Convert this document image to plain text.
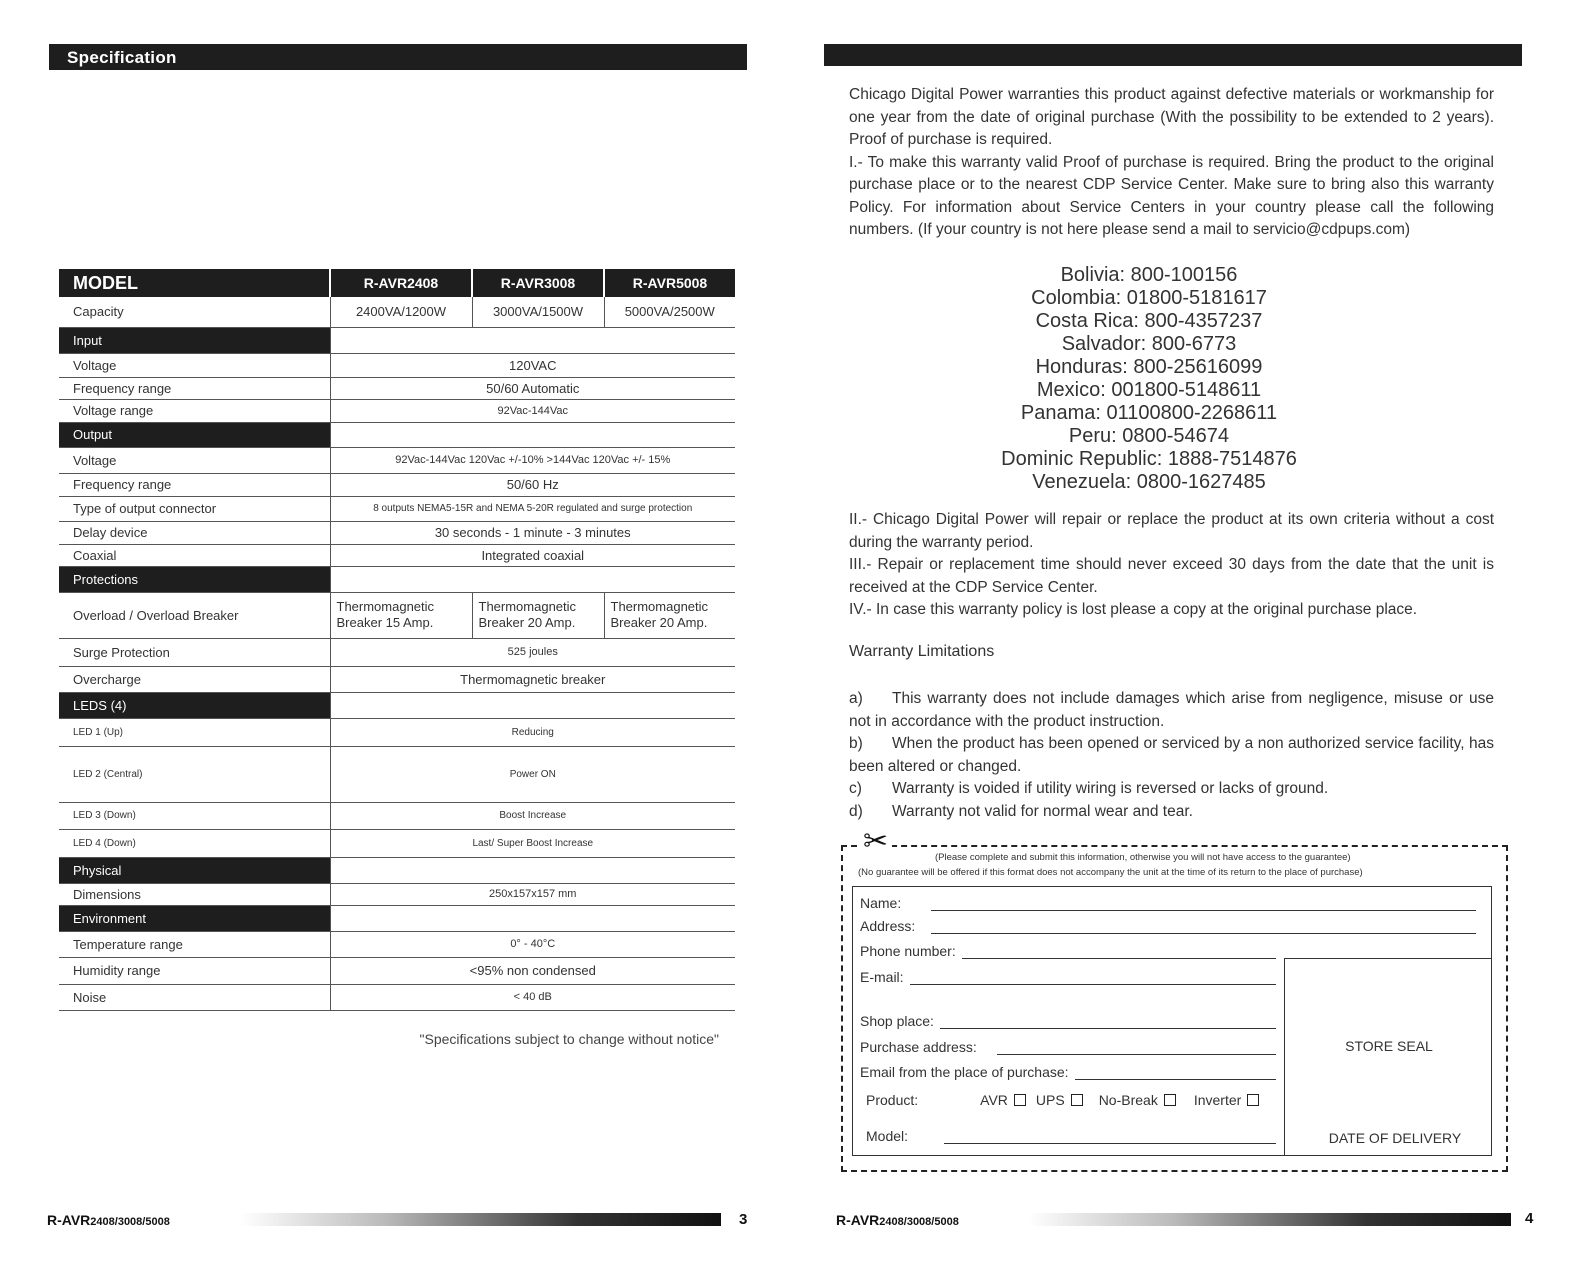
Specification
MODEL	R-AVR2408	R-AVR3008	R-AVR5008
Capacity	2400VA/1200W	3000VA/1500W	5000VA/2500W
Input			
Voltage	120VAC		
Frequency range	50/60 Automatic		
Voltage range	92Vac-144Vac		
Output			
Voltage	92Vac-144Vac 120Vac +/-10% >144Vac 120Vac +/- 15%		
Frequency range	50/60 Hz		
Type of output connector	8 outputs NEMA5-15R and NEMA 5-20R regulated and surge protection		
Delay device	30 seconds - 1 minute - 3 minutes		
Coaxial	Integrated coaxial		
Protections			
Overload / Overload Breaker	Thermomagnetic Breaker 15 Amp.	Thermomagnetic Breaker 20 Amp.	Thermomagnetic Breaker 20 Amp.
Surge Protection	525 joules		
Overcharge	Thermomagnetic breaker		
LEDS (4)			
LED 1 (Up)	Reducing		
LED 2 (Central)	Power ON		
LED 3 (Down)	Boost Increase		
LED 4 (Down)	Last/ Super Boost Increase		
Physical			
Dimensions	250x157x157 mm		
Environment			
Temperature range	0° - 40°C		
Humidity range	<95% non condensed		
Noise	< 40 dB		
"Specifications subject to change without notice"
R-AVR2408/3008/5008	3

Chicago Digital Power warranties this product against defective materials or workmanship for one year from the date of original purchase (With the possibility to be extended to 2 years). Proof of purchase is required.

I.- To make this warranty valid Proof of purchase is required. Bring the product to the original purchase place or to the nearest CDP Service Center. Make sure to bring also this warranty Policy. For information about Service Centers in your country please call the following numbers. (If your country is not here please send a mail to servicio@cdpups.com)

Bolivia: 800-100156
Colombia: 01800-5181617
Costa Rica: 800-4357237
Salvador: 800-6773
Honduras: 800-25616099
Mexico: 001800-5148611
Panama: 01100800-2268611
Peru: 0800-54674
Dominic Republic: 1888-7514876
Venezuela: 0800-1627485

II.- Chicago Digital Power will repair or replace the product at its own criteria without a cost during the warranty period.

III.- Repair or replacement time should never exceed 30 days from the date that the unit is received at the CDP Service Center.

IV.- In case this warranty policy is lost please a copy at the original purchase place.

Warranty Limitations
a) This warranty does not include damages which arise from negligence, misuse or use not in accordance with the product instruction.
b) When the product has been opened or serviced by a non authorized service facility, has been altered or changed.
c) Warranty is voided if utility wiring is reversed or lacks of ground.
d) Warranty not valid for normal wear and tear.
✂	(Please complete and submit this information, otherwise you will not have access to the guarantee)
(No guarantee will be offered if this format does not accompany the unit at the time of its return to the place of purchase)
Name:
Address:
Phone number:
E-mail:
Shop place:
Purchase address:
Email from the place of purchase:
Product:	AVR UPS No-Break	Inverter
Model:
STORE SEAL
DATE OF DELIVERY
R-AVR2408/3008/5008	4
